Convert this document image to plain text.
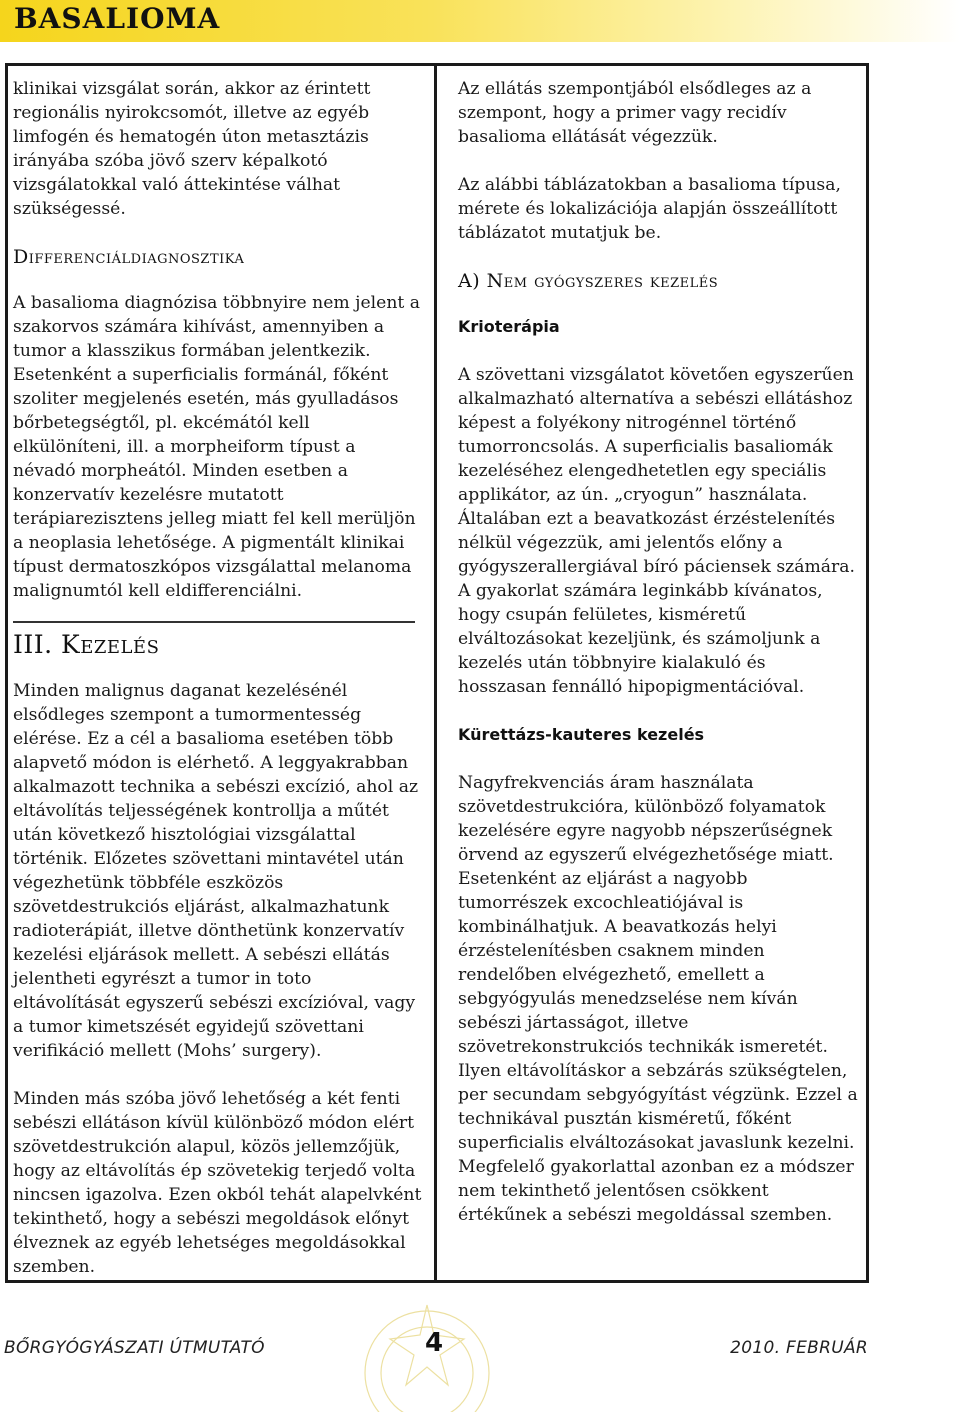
BASALIOMA

klinikai vizsgálat során, akkor az érintett regionális nyirokcsomót, illetve az egyéb limfogén és hematogén úton metasztázis irányába szóba jövő szerv képalkotó vizsgálatokkal való áttekintése válhat szükségessé.

Differenciáldiagnosztika

A basalioma diagnózisa többnyire nem jelent a szakorvos számára kihívást, amennyiben a tumor a klasszikus formában jelentkezik. Esetenként a superficialis formánál, főként szoliter megjelenés esetén, más gyulladásos bőrbetegségtől, pl. ekcémától kell elkülöníteni, ill. a morpheiform típust a névadó morpheától. Minden esetben a konzervatív kezelésre mutatott terápiarezisztens jelleg miatt fel kell merüljön a neoplasia lehetősége. A pigmentált klinikai típust dermatoszkópos vizsgálattal melanoma malignumtól kell eldifferenciálni.

III. Kezelés

Minden malignus daganat kezelésénél elsődleges szempont a tumormentesség elérése. Ez a cél a basalioma esetében több alapvető módon is elérhető. A leggyakrabban alkalmazott technika a sebészi excízió, ahol az eltávolítás teljességének kontrollja a műtét után következő hisztológiai vizsgálattal történik. Előzetes szövettani mintavétel után végezhetünk többféle eszközös szövetdestrukciós eljárást, alkalmazhatunk radioterápiát, illetve dönthetünk konzervatív kezelési eljárások mellett. A sebészi ellátás jelentheti egyrészt a tumor in toto eltávolítását egyszerű sebészi excízióval, vagy a tumor kimetszését egyidejű szövettani verifikáció mellett (Mohs’ surgery).

Minden más szóba jövő lehetőség a két fenti sebészi ellátáson kívül különböző módon elért szövetdestrukción alapul, közös jellemzőjük, hogy az eltávolítás ép szövetekig terjedő volta nincsen igazolva. Ezen okból tehát alapelvként tekinthető, hogy a sebészi megoldások előnyt élveznek az egyéb lehetséges megoldásokkal szemben.

Az ellátás szempontjából elsődleges az a szempont, hogy a primer vagy recidív basalioma ellátását végezzük.

Az alábbi táblázatokban a basalioma típusa, mérete és lokalizációja alapján összeállított táblázatot mutatjuk be.

A) Nem gyógyszeres kezelés
Krioterápia

A szövettani vizsgálatot követően egyszerűen alkalmazható alternatíva a sebészi ellátáshoz képest a folyékony nitrogénnel történő tumorroncsolás. A superficialis basaliomák kezeléséhez elengedhetetlen egy speciális applikátor, az ún. „cryogun” használata. Általában ezt a beavatkozást érzéstelenítés nélkül végezzük, ami jelentős előny a gyógyszerallergiával bíró páciensek számára. A gyakorlat számára leginkább kívánatos, hogy csupán felületes, kisméretű elváltozásokat kezeljünk, és számoljunk a kezelés után többnyire kialakuló és hosszasan fennálló hipopigmentációval.

Kürettázs-kauteres kezelés

Nagyfrekvenciás áram használata szövetdestrukcióra, különböző folyamatok kezelésére egyre nagyobb népszerűségnek örvend az egyszerű elvégezhetősége miatt. Esetenként az eljárást a nagyobb tumorrészek excochleatiójával is kombinálhatjuk. A beavatkozás helyi érzéstelenítésben csaknem minden rendelőben elvégezhető, emellett a sebgyógyulás menedzselése nem kíván sebészi jártasságot, illetve szövetrekonstrukciós technikák ismeretét. Ilyen eltávolításkor a sebzárás szükségtelen, per secundam sebgyógyítást végzünk. Ezzel a technikával pusztán kisméretű, főként superficialis elváltozásokat javaslunk kezelni. Megfelelő gyakorlattal azonban ez a módszer nem tekinthető jelentősen csökkent értékűnek a sebészi megoldással szemben.

BŐRGYÓGYÁSZATI ÚTMUTATÓ	4	2010. FEBRUÁR
